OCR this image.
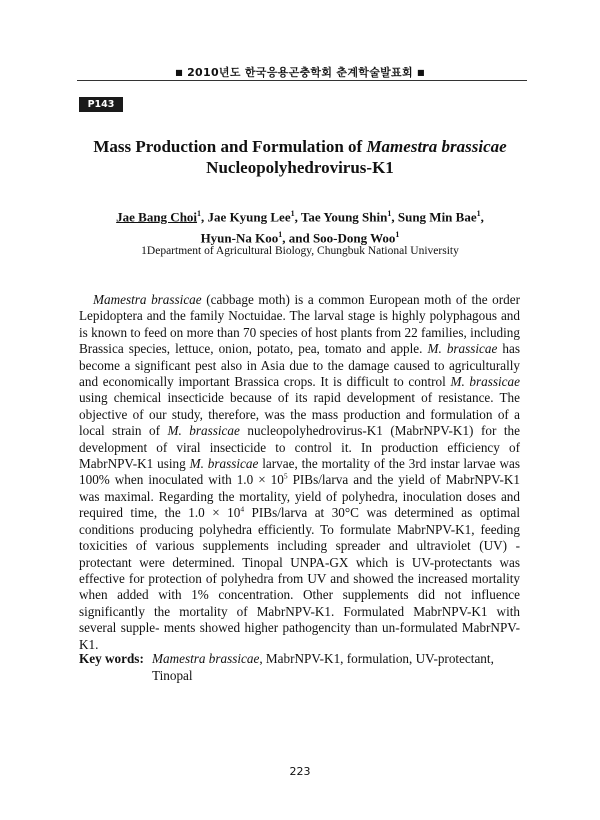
■ 2010년도 한국응용곤충학회 춘계학술발표회 ■
P143
Mass Production and Formulation of Mamestra brassicae
Nucleopolyhedrovirus-K1
Jae Bang Choi$^1$, Jae Kyung Lee$^1$, Tae Young Shin$^1$, Sung Min Bae$^1$,
Hyun-Na Koo$^1$, and Soo-Dong Woo$^1$
1Department of Agricultural Biology, Chungbuk National University

Mamestra brassicae (cabbage moth) is a common European moth of the order Lepidoptera and the family Noctuidae. The larval stage is highly polyphagous and is known to feed on more than 70 species of host plants from 22 families, including Brassica species, lettuce, onion, potato, pea, tomato and apple. M. brassicae has become a significant pest also in Asia due to the damage caused to agriculturally and economically important Brassica crops. It is difficult to control M. brassicae using chemical insecticide because of its rapid development of resistance. The objective of our study, therefore, was the mass production and formulation of a local strain of M. brassicae nucleopolyhedrovirus-K1 (MabrNPV-K1) for the development of viral insecticide to control it. In production efficiency of MabrNPV-K1 using M. brassicae larvae, the mortality of the 3rd instar larvae was 100% when inoculated with $1.0 \times 10^5$ PIBs/larva and the yield of MabrNPV-K1 was maximal. Regarding the mortality, yield of polyhedra, inoculation doses and required time, the $1.0 \times 10^4$ PIBs/larva at 30°C was determined as optimal conditions producing polyhedra efficiently. To formulate MabrNPV-K1, feeding toxicities of various supplements including spreader and ultraviolet (UV) -protectant were determined. Tinopal UNPA-GX which is UV-protectants was effective for protection of polyhedra from UV and showed the increased mortality when added with 1% concentration. Other supplements did not influence significantly the mortality of MabrNPV-K1. Formulated MabrNPV-K1 with several supple- ments showed higher pathogencity than un-formulated MabrNPV-K1.

Key words: Mamestra brassicae, MabrNPV-K1, formulation, UV-protectant, Tinopal
223
